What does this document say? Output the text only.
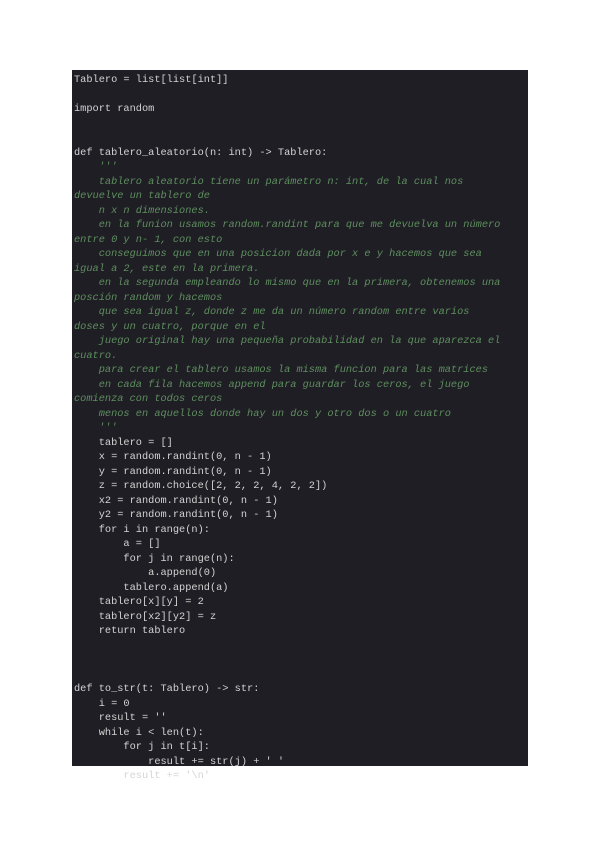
Tablero = list[list[int]]
import random
def tablero_aleatorio(n: int) -> Tablero:
'''
tablero aleatorio tiene un parámetro n: int, de la cual nos
devuelve un tablero de
n x n dimensiones.
en la funion usamos random.randint para que me devuelva un número
entre 0 y n- 1, con esto
conseguimos que en una posicion dada por x e y hacemos que sea
igual a 2, este en la primera.
en la segunda empleando lo mismo que en la primera, obtenemos una
posción random y hacemos
que sea igual z, donde z me da un número random entre varios
doses y un cuatro, porque en el
juego original hay una pequeña probabilidad en la que aparezca el
cuatro.
para crear el tablero usamos la misma funcion para las matrices
en cada fila hacemos append para guardar los ceros, el juego
comienza con todos ceros
menos en aquellos donde hay un dos y otro dos o un cuatro
'''
tablero = []
x = random.randint(0, n - 1)
y = random.randint(0, n - 1)
z = random.choice([2, 2, 2, 4, 2, 2])
x2 = random.randint(0, n - 1)
y2 = random.randint(0, n - 1)
for i in range(n):
a = []
for j in range(n):
a.append(0)
tablero.append(a)
tablero[x][y] = 2
tablero[x2][y2] = z
return tablero
def to_str(t: Tablero) -> str:
i = 0
result = ''
while i < len(t):
for j in t[i]:
result += str(j) + ' '
result += '\n'
